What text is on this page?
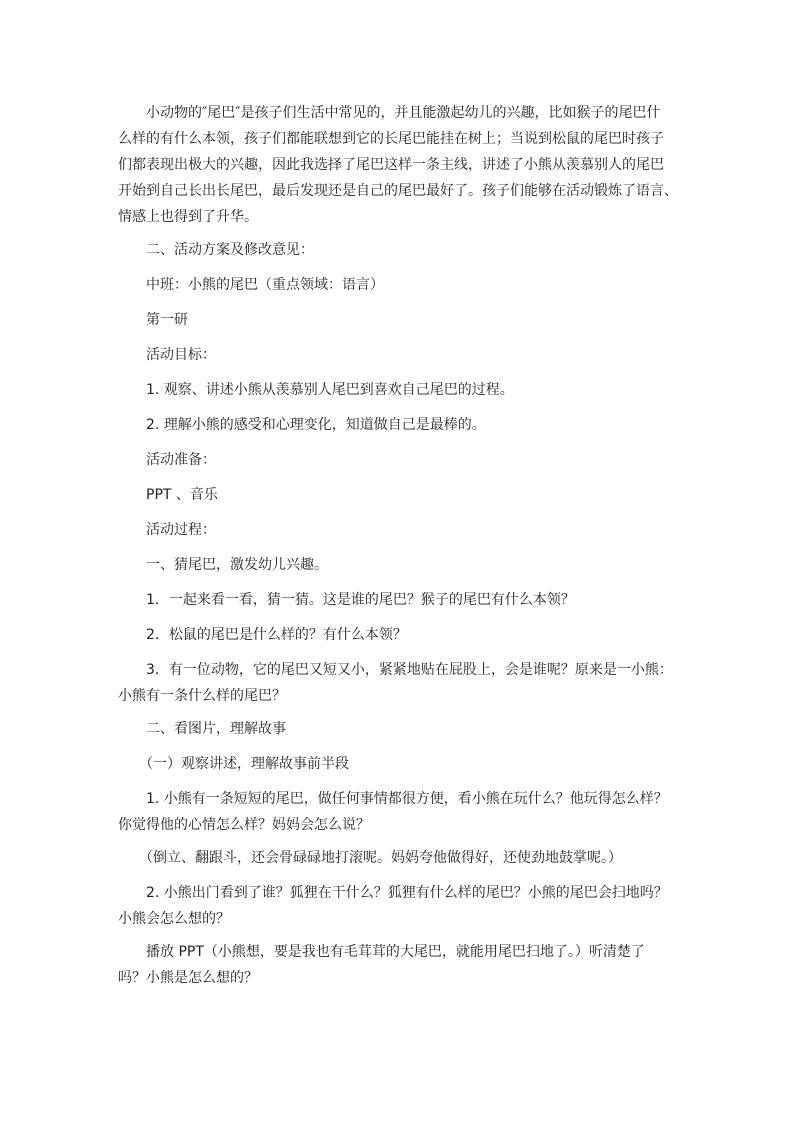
　　小动物的″尾巴″是孩子们生活中常见的，并且能激起幼儿的兴趣，比如猴子的尾巴什
么样的有什么本领，孩子们都能联想到它的长尾巴能挂在树上；当说到松鼠的尾巴时孩子
们都表现出极大的兴趣，因此我选择了尾巴这样一条主线，讲述了小熊从羡慕别人的尾巴
开始到自己长出长尾巴，最后发现还是自己的尾巴最好了。孩子们能够在活动锻炼了语言、
情感上也得到了升华。
　　二、活动方案及修改意见：
　　中班：小熊的尾巴（重点领域：语言）
　　第一研
　　活动目标：
　　1. 观察、讲述小熊从羡慕别人尾巴到喜欢自己尾巴的过程。
　　2. 理解小熊的感受和心理变化，知道做自己是最棒的。
　　活动准备：
　　PPT 、音乐
　　活动过程：
　　一、猜尾巴，激发幼儿兴趣。
　　1．一起来看一看，猜一猜。这是谁的尾巴？猴子的尾巴有什么本领？
　　2．松鼠的尾巴是什么样的？有什么本领？
　　3．有一位动物，它的尾巴又短又小，紧紧地贴在屁股上，会是谁呢？原来是一小熊：
小熊有一条什么样的尾巴？
　　二、看图片，理解故事
　　（一）观察讲述，理解故事前半段
　　1. 小熊有一条短短的尾巴，做任何事情都很方便，看小熊在玩什么？他玩得怎么样？
你觉得他的心情怎么样？妈妈会怎么说？
　　（倒立、翻跟斗，还会骨碌碌地打滚呢。妈妈夸他做得好，还使劲地鼓掌呢。）
　　2. 小熊出门看到了谁？狐狸在干什么？狐狸有什么样的尾巴？小熊的尾巴会扫地吗？
小熊会怎么想的？
　　播放 PPT（小熊想，要是我也有毛茸茸的大尾巴，就能用尾巴扫地了。）听清楚了
吗？小熊是怎么想的？
